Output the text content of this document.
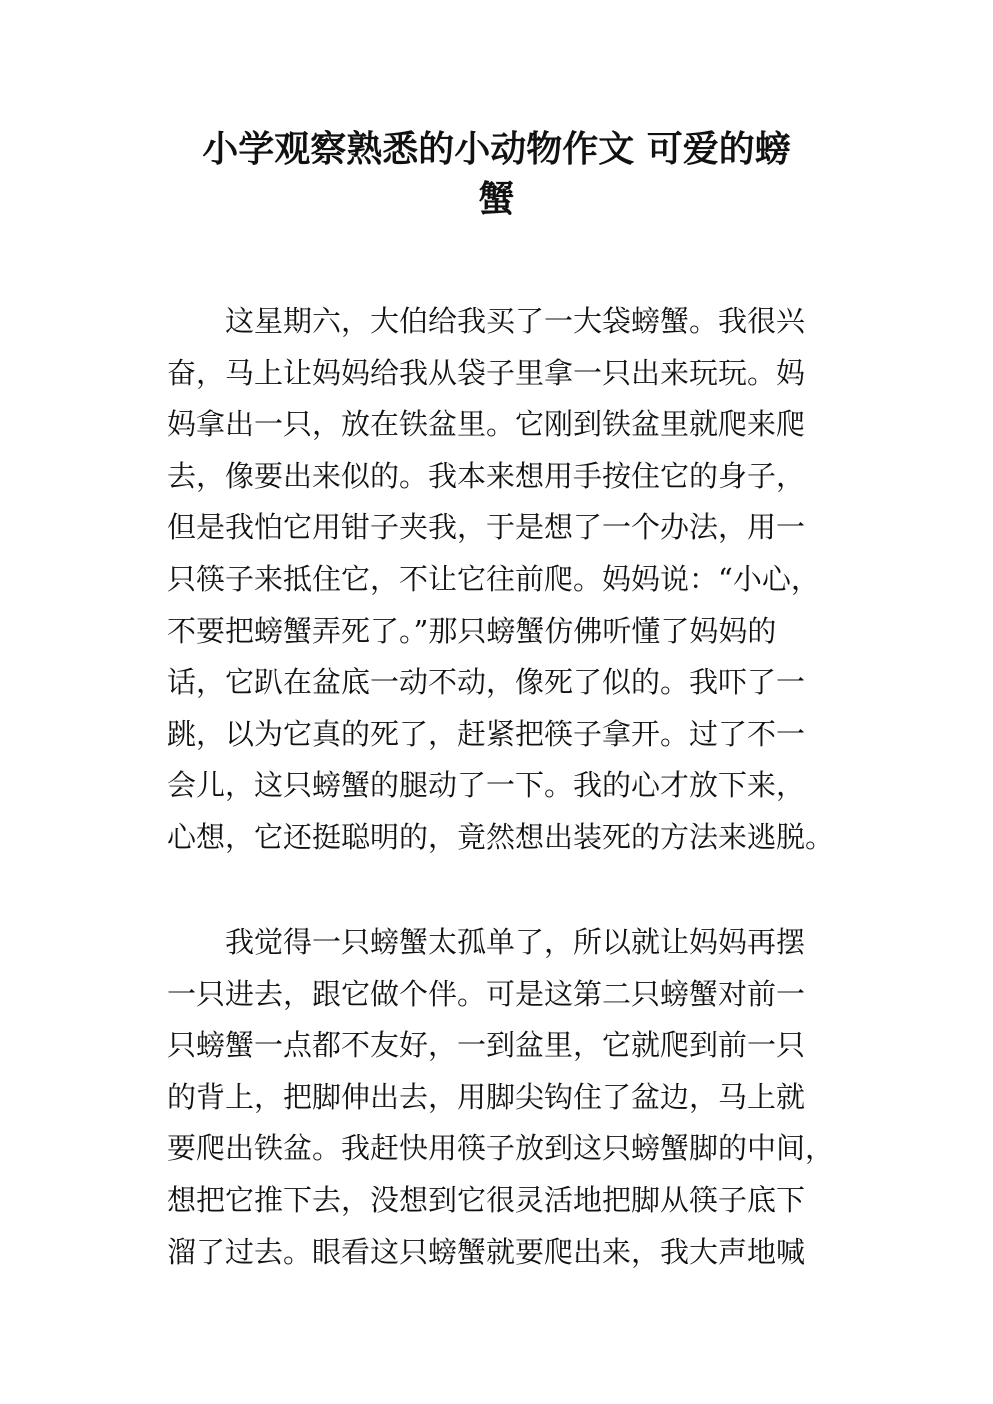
小学观察熟悉的小动物作文 可爱的螃
蟹
　　这星期六，大伯给我买了一大袋螃蟹。我很兴
奋，马上让妈妈给我从袋子里拿一只出来玩玩。妈
妈拿出一只，放在铁盆里。它刚到铁盆里就爬来爬
去，像要出来似的。我本来想用手按住它的身子，
但是我怕它用钳子夹我，于是想了一个办法，用一
只筷子来抵住它，不让它往前爬。妈妈说：“小心，
不要把螃蟹弄死了。”那只螃蟹仿佛听懂了妈妈的
话，它趴在盆底一动不动，像死了似的。我吓了一
跳，以为它真的死了，赶紧把筷子拿开。过了不一
会儿，这只螃蟹的腿动了一下。我的心才放下来，
心想，它还挺聪明的，竟然想出装死的方法来逃脱。
　　我觉得一只螃蟹太孤单了，所以就让妈妈再摆
一只进去，跟它做个伴。可是这第二只螃蟹对前一
只螃蟹一点都不友好，一到盆里，它就爬到前一只
的背上，把脚伸出去，用脚尖钩住了盆边，马上就
要爬出铁盆。我赶快用筷子放到这只螃蟹脚的中间，
想把它推下去，没想到它很灵活地把脚从筷子底下
溜了过去。眼看这只螃蟹就要爬出来，我大声地喊
